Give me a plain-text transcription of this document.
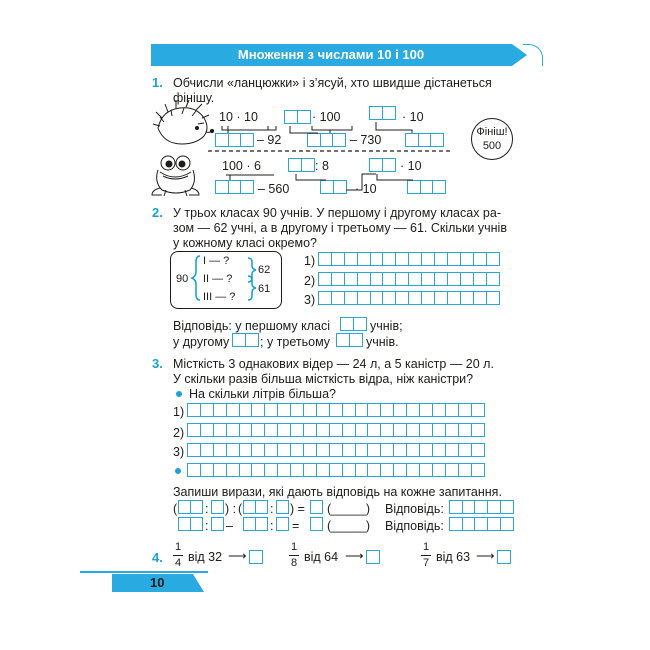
Множення з числами 10 і 100
1. Обчисли «ланцюжки» і з’ясуй, хто швидше дістанеться
фінішу.
10 · 10
– 92
· 100
– 730
· 10
100 · 6
– 560
: 8
· 10
· 10
Фініш!
500
2. У трьох класах 90 учнів. У першому і другому класах ра-
зом — 62 учні, а в другому і третьому — 61. Скільки учнів
у кожному класі окремо?
90
І — ?
ІІ — ?
ІІІ — ?
62
61
1)
2)
3)
Відповідь: у першому класі	учнів;
у другому ; у третьому	учнів.
3. Місткість 3 однакових відер — 24 л, а 5 каністр — 20 л.
У скільки разів більша місткість відра, ніж каністри?
На скільки літрів більша?
1)
2)
3)
Запиши вирази, які дають відповідь на кожне запитання.
( : ) : ( : ) = (_____) Відповідь:
: –	: = (_____) Відповідь:
4.
1
4 від 32 ⟶
1
8 від 64 ⟶
1
7 від 63 ⟶
10
